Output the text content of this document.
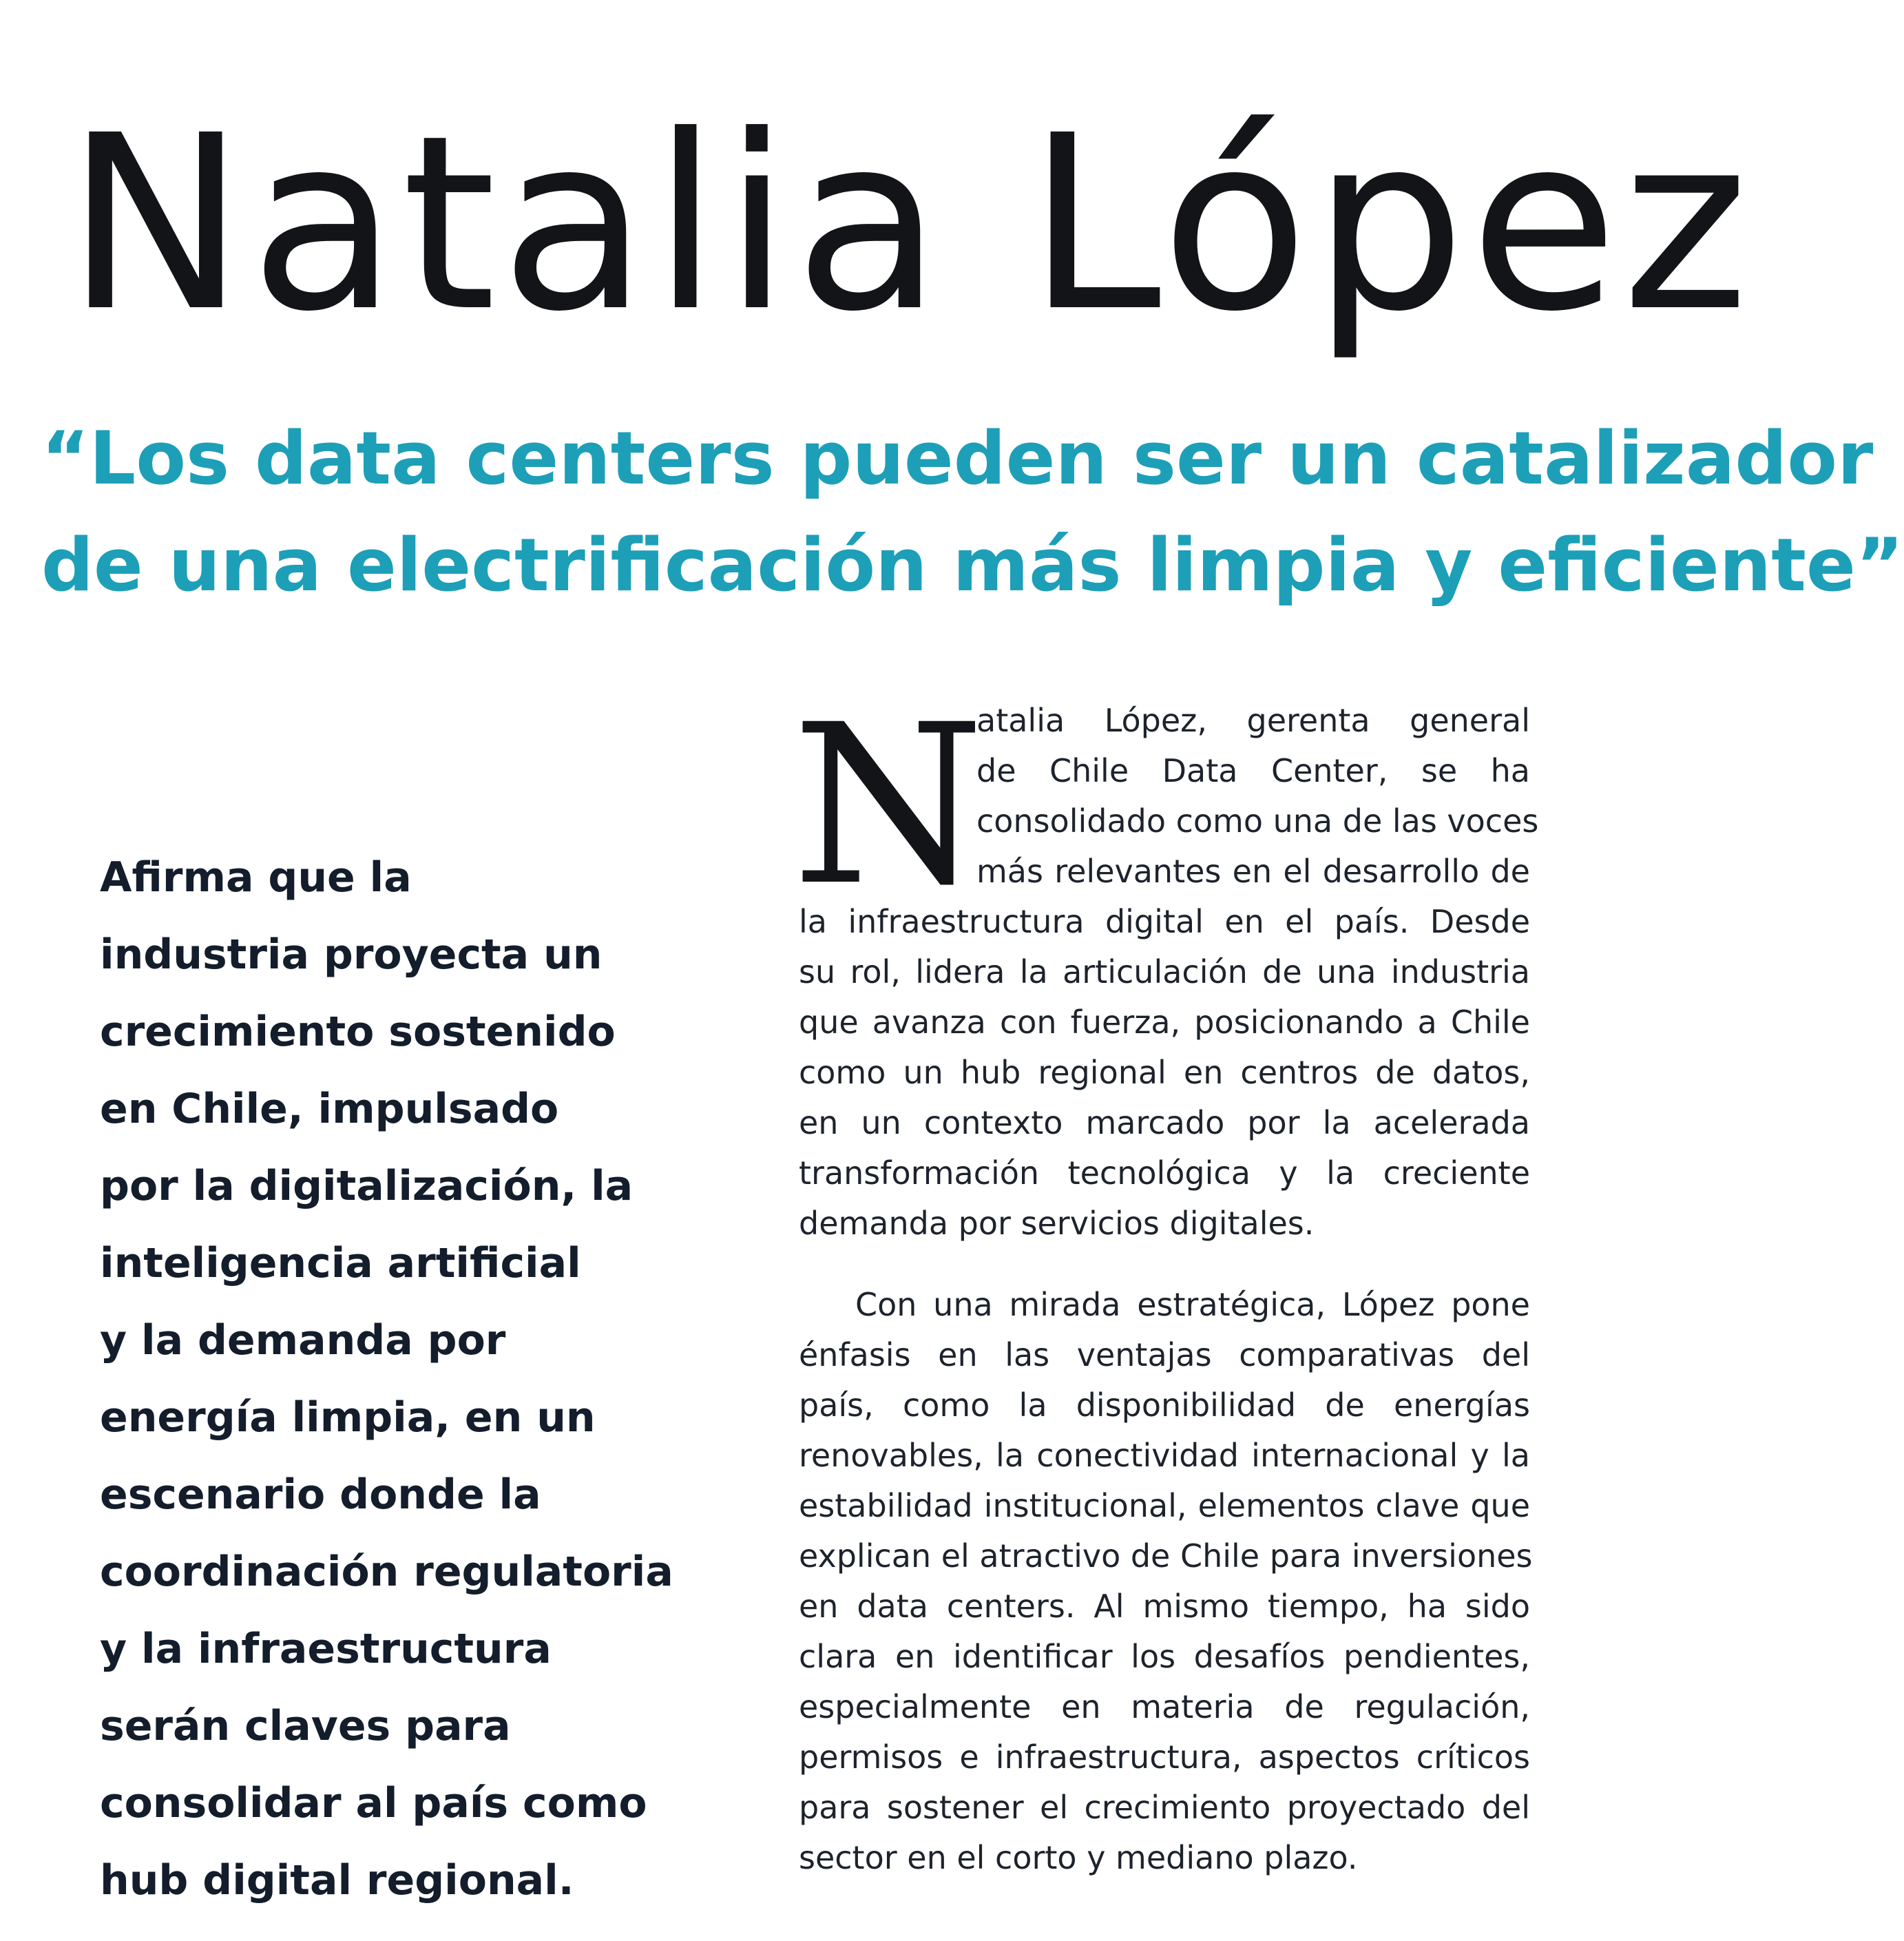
Natalia López

“Los data centers pueden ser un catalizador
de una electrificación más limpia y eficiente”

Afirma que la
industria proyecta un
crecimiento sostenido
en Chile, impulsado
por la digitalización, la
inteligencia artificial
y la demanda por
energía limpia, en un
escenario donde la
coordinación regulatoria
y la infraestructura
serán claves para
consolidar al país como
hub digital regional.

N
atalia López, gerenta general
de Chile Data Center, se ha
consolidado como una de las voces
más relevantes en el desarrollo de
la infraestructura digital en el país. Desde
su rol, lidera la articulación de una industria
que avanza con fuerza, posicionando a Chile
como un hub regional en centros de datos,
en un contexto marcado por la acelerada
transformación tecnológica y la creciente
demanda por servicios digitales.
Con una mirada estratégica, López pone
énfasis en las ventajas comparativas del
país, como la disponibilidad de energías
renovables, la conectividad internacional y la
estabilidad institucional, elementos clave que
explican el atractivo de Chile para inversiones
en data centers. Al mismo tiempo, ha sido
clara en identificar los desafíos pendientes,
especialmente en materia de regulación,
permisos e infraestructura, aspectos críticos
para sostener el crecimiento proyectado del
sector en el corto y mediano plazo.
